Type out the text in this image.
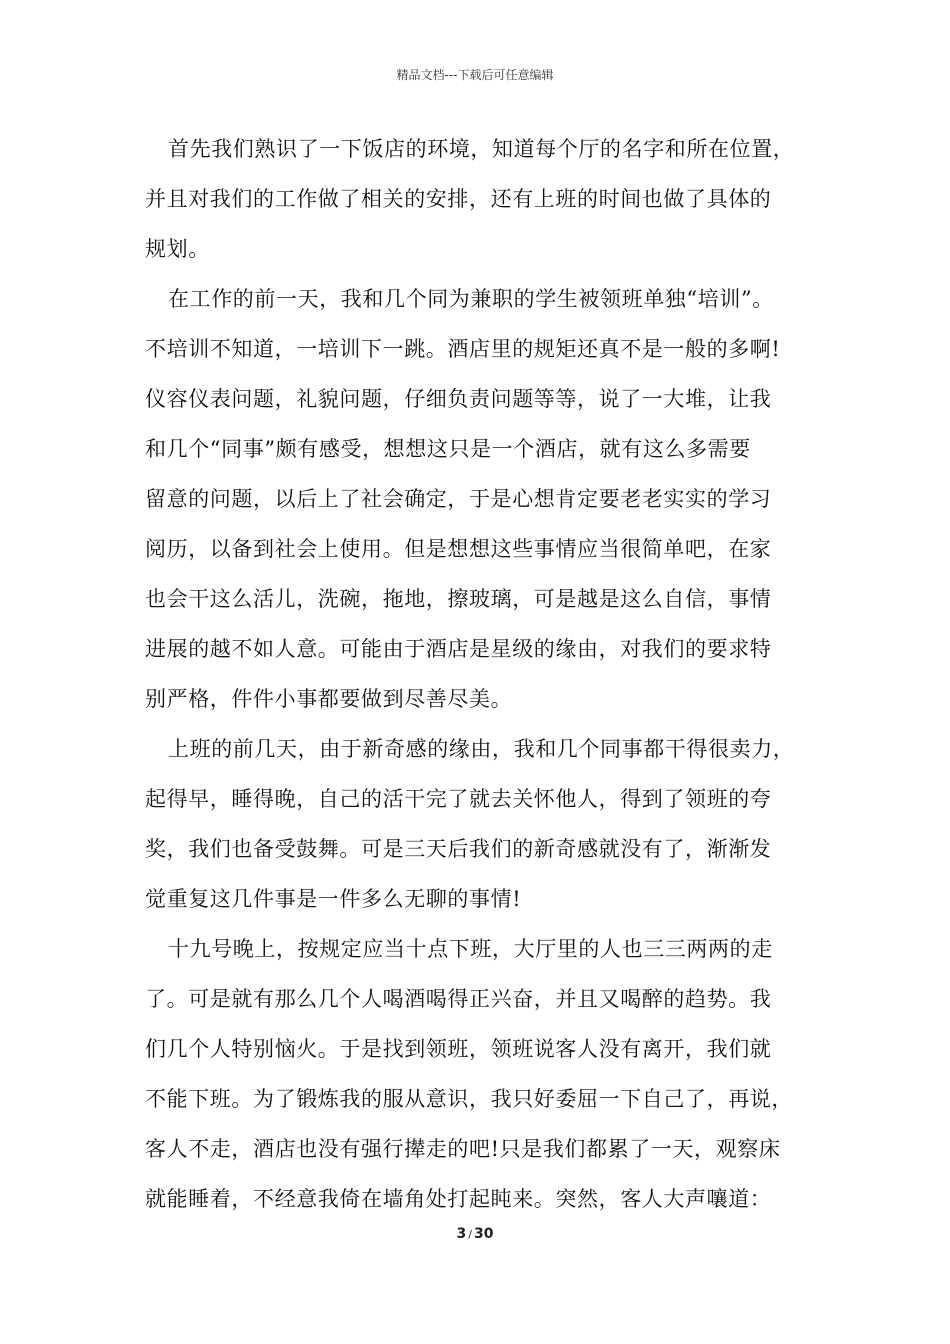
精品文档---下载后可任意编辑
首先我们熟识了一下饭店的环境，知道每个厅的名字和所在位置，
并且对我们的工作做了相关的安排，还有上班的时间也做了具体的
规划。
在工作的前一天，我和几个同为兼职的学生被领班单独“培训”。
不培训不知道，一培训下一跳。酒店里的规矩还真不是一般的多啊!
仪容仪表问题，礼貌问题，仔细负责问题等等，说了一大堆，让我
和几个“同事”颇有感受，想想这只是一个酒店，就有这么多需要
留意的问题，以后上了社会确定，于是心想肯定要老老实实的学习
阅历，以备到社会上使用。但是想想这些事情应当很简单吧，在家
也会干这么活儿，洗碗，拖地，擦玻璃，可是越是这么自信，事情
进展的越不如人意。可能由于酒店是星级的缘由，对我们的要求特
别严格，件件小事都要做到尽善尽美。
上班的前几天，由于新奇感的缘由，我和几个同事都干得很卖力，
起得早，睡得晚，自己的活干完了就去关怀他人，得到了领班的夸
奖，我们也备受鼓舞。可是三天后我们的新奇感就没有了，渐渐发
觉重复这几件事是一件多么无聊的事情!
十九号晚上，按规定应当十点下班，大厅里的人也三三两两的走
了。可是就有那么几个人喝酒喝得正兴奋，并且又喝醉的趋势。我
们几个人特别恼火。于是找到领班，领班说客人没有离开，我们就
不能下班。为了锻炼我的服从意识，我只好委屈一下自己了，再说，
客人不走，酒店也没有强行撵走的吧!只是我们都累了一天，观察床
就能睡着，不经意我倚在墙角处打起盹来。突然，客人大声嚷道：
3 / 30
